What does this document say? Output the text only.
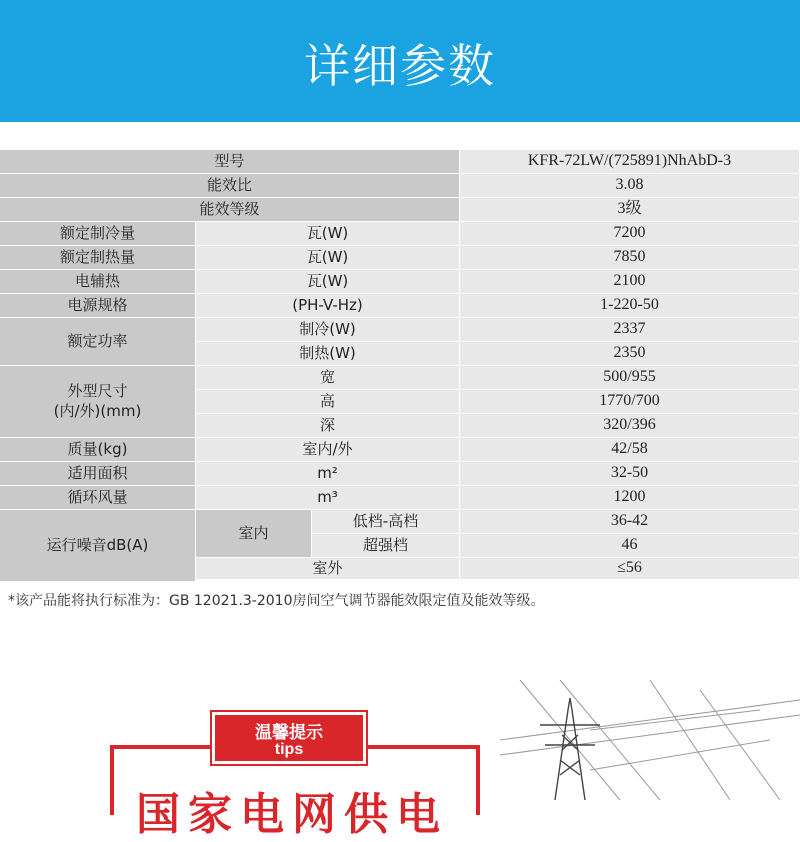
详细参数
型号	KFR-72LW/(725891)NhAbD-3
能效比	3.08
能效等级	3级
额定制冷量	瓦(W)	7200
额定制热量	瓦(W)	7850
电辅热	瓦(W)	2100
电源规格	(PH-V-Hz)	1-220-50
额定功率
制冷(W)	2337
制热(W)	2350
外型尺寸
(内/外)(mm)
宽	500/955
高	1770/700
深	320/396
质量(kg)	室内/外	42/58
适用面积	m²	32-50
循环风量	m³	1200
运行噪音dB(A)
室内
低档-高档	36-42
超强档	46
室外	≤56
*该产品能将执行标准为：GB 12021.3-2010房间空气调节器能效限定值及能效等级。
温馨提示
tips
国家电网供电
